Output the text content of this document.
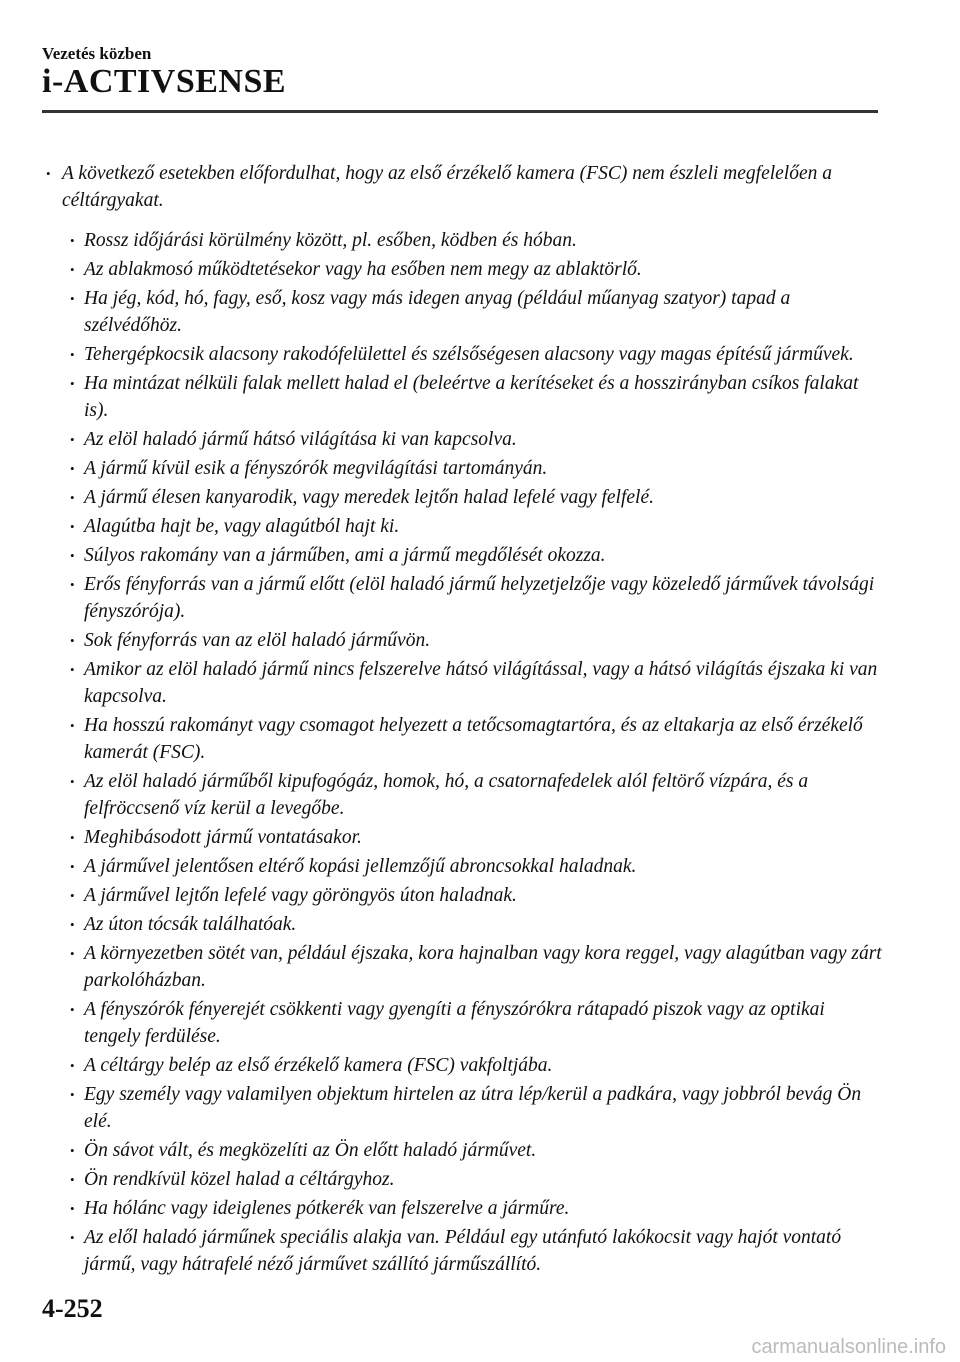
Vezetés közben
i-ACTIVSENSE
• A következő esetekben előfordulhat, hogy az első érzékelő kamera (FSC) nem észleli megfelelően a céltárgyakat.
• Rossz időjárási körülmény között, pl. esőben, ködben és hóban.
• Az ablakmosó működtetésekor vagy ha esőben nem megy az ablaktörlő.
• Ha jég, kód, hó, fagy, eső, kosz vagy más idegen anyag (például műanyag szatyor) tapad a szélvédőhöz.
• Tehergépkocsik alacsony rakodófelülettel és szélsőségesen alacsony vagy magas építésű járművek.
• Ha mintázat nélküli falak mellett halad el (beleértve a kerítéseket és a hosszirányban csíkos falakat is).
• Az elöl haladó jármű hátsó világítása ki van kapcsolva.
• A jármű kívül esik a fényszórók megvilágítási tartományán.
• A jármű élesen kanyarodik, vagy meredek lejtőn halad lefelé vagy felfelé.
• Alagútba hajt be, vagy alagútból hajt ki.
• Súlyos rakomány van a járműben, ami a jármű megdőlését okozza.
• Erős fényforrás van a jármű előtt (elöl haladó jármű helyzetjelzője vagy közeledő járművek távolsági fényszórója).
• Sok fényforrás van az elöl haladó járművön.
• Amikor az elöl haladó jármű nincs felszerelve hátsó világítással, vagy a hátsó világítás éjszaka ki van kapcsolva.
• Ha hosszú rakományt vagy csomagot helyezett a tetőcsomagtartóra, és az eltakarja az első érzékelő kamerát (FSC).
• Az elöl haladó járműből kipufogógáz, homok, hó, a csatornafedelek alól feltörő vízpára, és a felfröccsenő víz kerül a levegőbe.
• Meghibásodott jármű vontatásakor.
• A járművel jelentősen eltérő kopási jellemzőjű abroncsokkal haladnak.
• A járművel lejtőn lefelé vagy göröngyös úton haladnak.
• Az úton tócsák találhatóak.
• A környezetben sötét van, például éjszaka, kora hajnalban vagy kora reggel, vagy alagútban vagy zárt parkolóházban.
• A fényszórók fényerejét csökkenti vagy gyengíti a fényszórókra rátapadó piszok vagy az optikai tengely ferdülése.
• A céltárgy belép az első érzékelő kamera (FSC) vakfoltjába.
• Egy személy vagy valamilyen objektum hirtelen az útra lép/kerül a padkára, vagy jobbról bevág Ön elé.
• Ön sávot vált, és megközelíti az Ön előtt haladó járművet.
• Ön rendkívül közel halad a céltárgyhoz.
• Ha hólánc vagy ideiglenes pótkerék van felszerelve a járműre.
• Az elől haladó járműnek speciális alakja van. Például egy utánfutó lakókocsit vagy hajót vontató jármű, vagy hátrafelé néző járművet szállító járműszállító.
4-252
carmanualsonline.info
